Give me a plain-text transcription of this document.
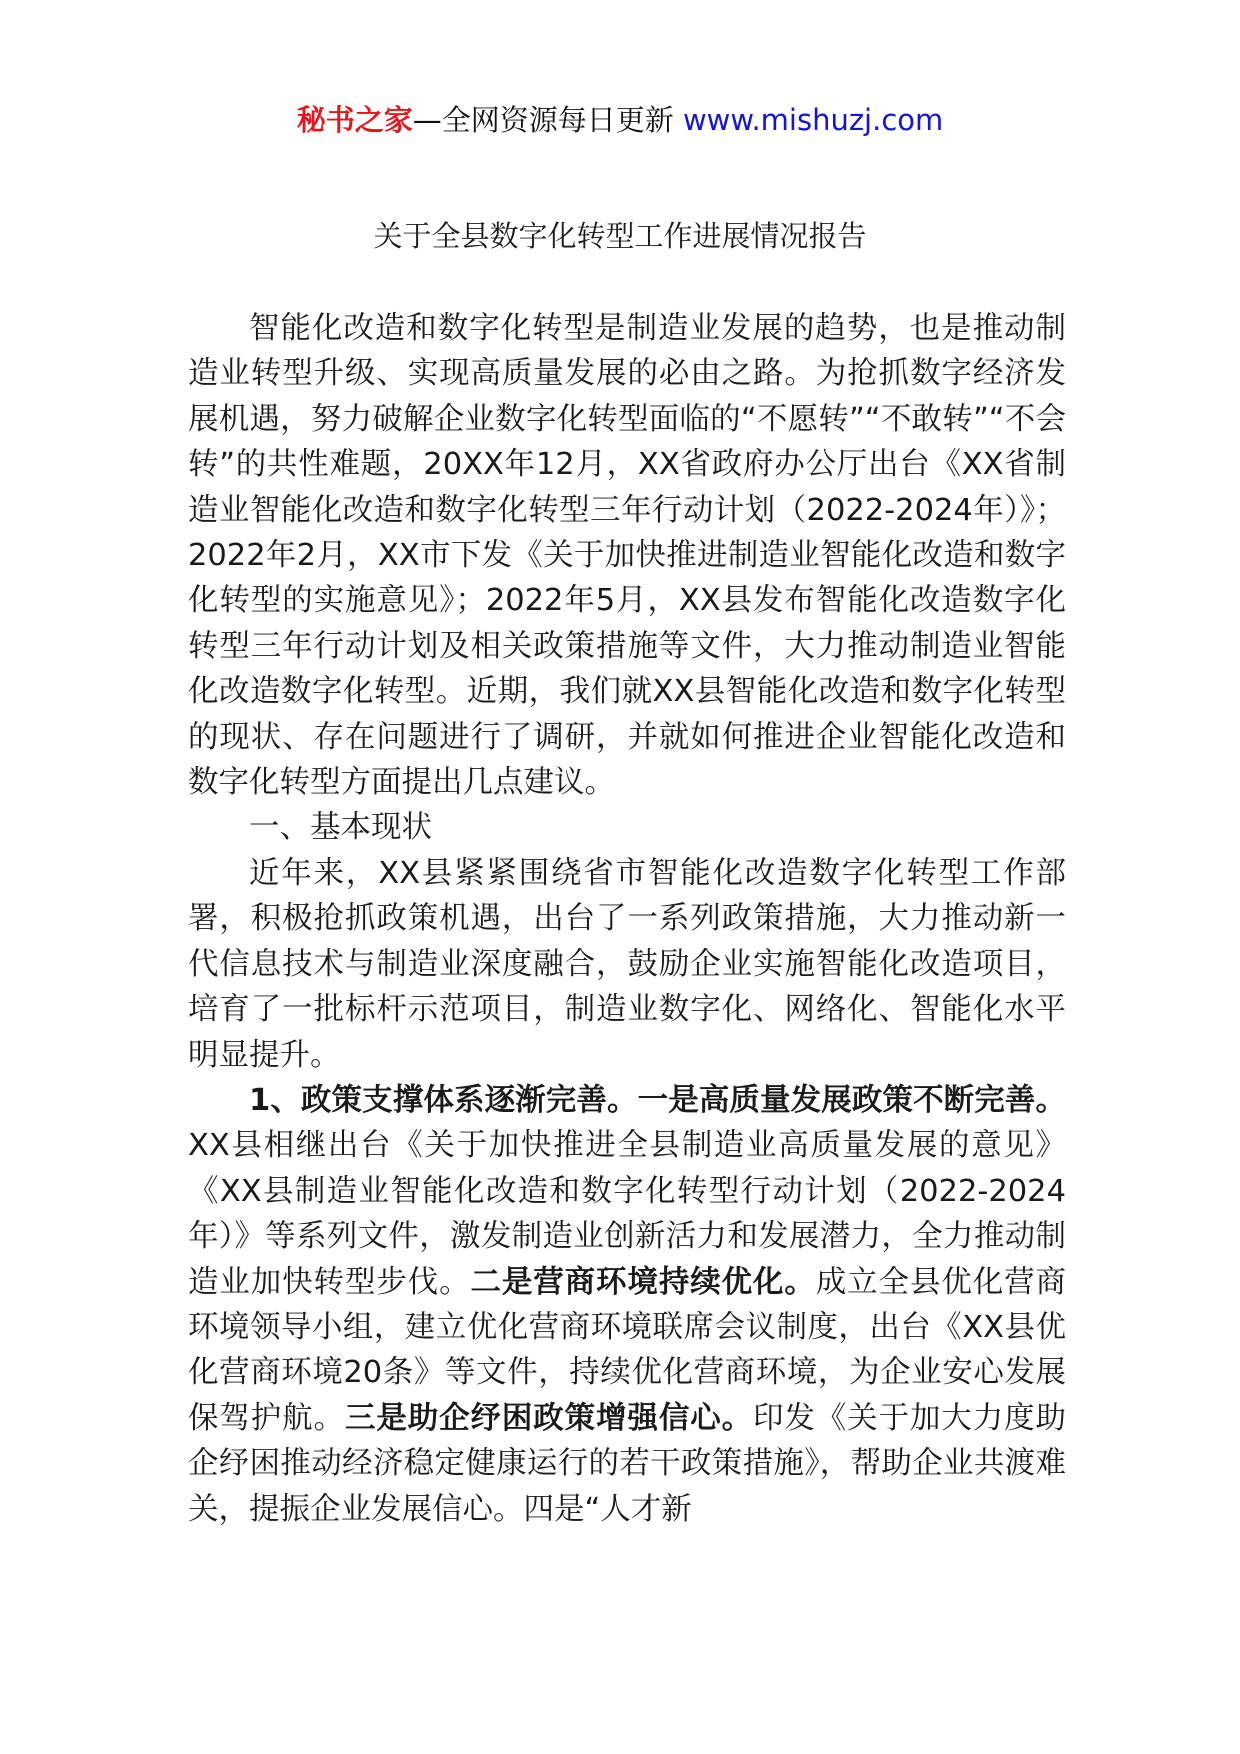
秘书之家—全网资源每日更新 www.mishuzj.com
关于全县数字化转型工作进展情况报告

智能化改造和数字化转型是制造业发展的趋势，也是推动制造业转型升级、实现高质量发展的必由之路。为抢抓数字经济发展机遇，努力破解企业数字化转型面临的“不愿转”“不敢转”“不会转”的共性难题，20XX年12月，XX省政府办公厅出台《XX省制造业智能化改造和数字化转型三年行动计划（2022-2024年）》；2022年2月，XX市下发《关于加快推进制造业智能化改造和数字化转型的实施意见》；2022年5月，XX县发布智能化改造数字化转型三年行动计划及相关政策措施等文件，大力推动制造业智能化改造数字化转型。近期，我们就XX县智能化改造和数字化转型的现状、存在问题进行了调研，并就如何推进企业智能化改造和数字化转型方面提出几点建议。

一、基本现状

近年来，XX县紧紧围绕省市智能化改造数字化转型工作部署，积极抢抓政策机遇，出台了一系列政策措施，大力推动新一代信息技术与制造业深度融合，鼓励企业实施智能化改造项目，培育了一批标杆示范项目，制造业数字化、网络化、智能化水平明显提升。

1、政策支撑体系逐渐完善。一是高质量发展政策不断完善。XX县相继出台《关于加快推进全县制造业高质量发展的意见》《XX县制造业智能化改造和数字化转型行动计划（2022-2024年）》等系列文件，激发制造业创新活力和发展潜力，全力推动制造业加快转型步伐。二是营商环境持续优化。成立全县优化营商环境领导小组，建立优化营商环境联席会议制度，出台《XX县优化营商环境20条》等文件，持续优化营商环境，为企业安心发展保驾护航。三是助企纾困政策增强信心。印发《关于加大力度助企纾困推动经济稳定健康运行的若干政策措施》，帮助企业共渡难关，提振企业发展信心。四是“人才新
